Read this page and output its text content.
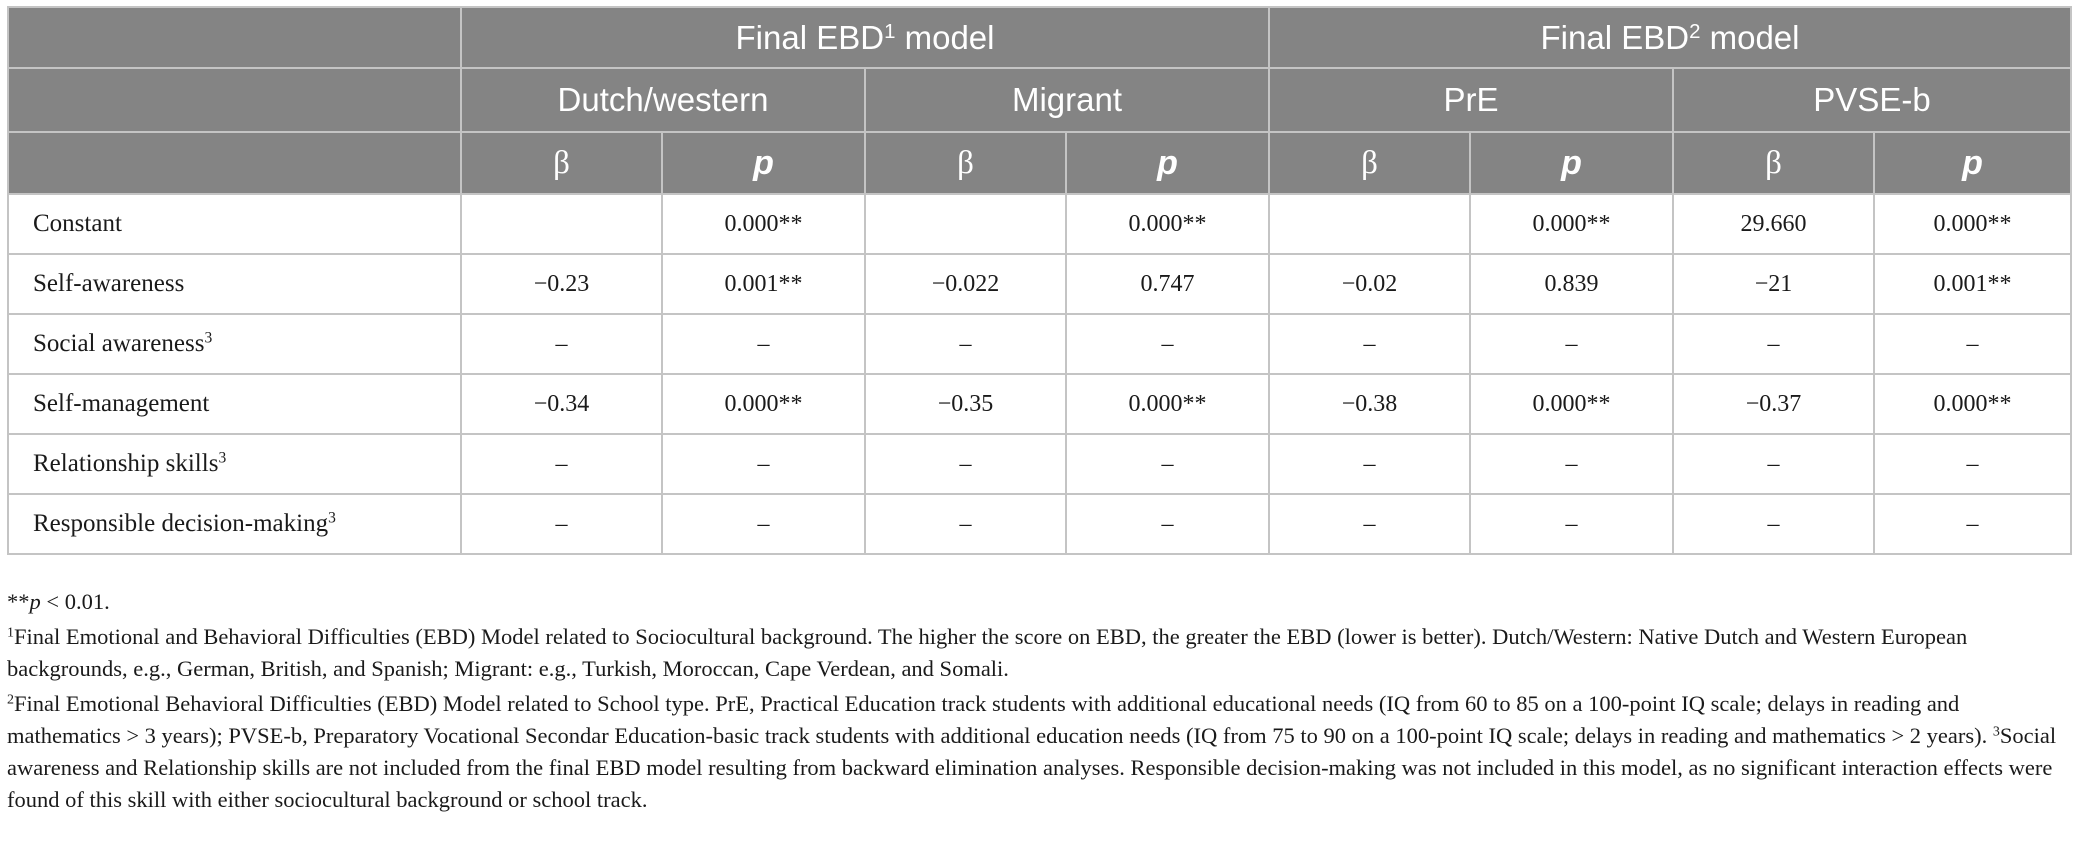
	Final EBD$^1$ model				Final EBD$^2$ model			
	Dutch/western		Migrant		PrE		PVSE-b	
	β	p	β	p	β	p	β	p
Constant		0.000**		0.000**		0.000**	29.660	0.000**
Self-awareness	−0.23	0.001**	−0.022	0.747	−0.02	0.839	−21	0.001**
Social awareness$^3$	–	–	–	–	–	–	–	–
Self-management	−0.34	0.000**	−0.35	0.000**	−0.38	0.000**	−0.37	0.000**
Relationship skills$^3$	–	–	–	–	–	–	–	–
Responsible decision-making$^3$	–	–	–	–	–	–	–	–

**p < 0.01.

$^1$Final Emotional and Behavioral Difficulties (EBD) Model related to Sociocultural background. The higher the score on EBD, the greater the EBD (lower is better). Dutch/Western: Native Dutch and Western European backgrounds, e.g., German, British, and Spanish; Migrant: e.g., Turkish, Moroccan, Cape Verdean, and Somali.

$^2$Final Emotional Behavioral Difficulties (EBD) Model related to School type. PrE, Practical Education track students with additional educational needs (IQ from 60 to 85 on a 100-point IQ scale; delays in reading and mathematics > 3 years); PVSE-b, Preparatory Vocational Secondar Education-basic track students with additional education needs (IQ from 75 to 90 on a 100-point IQ scale; delays in reading and mathematics > 2 years). $^3$Social awareness and Relationship skills are not included from the final EBD model resulting from backward elimination analyses. Responsible decision-making was not included in this model, as no significant interaction effects were found of this skill with either sociocultural background or school track.
